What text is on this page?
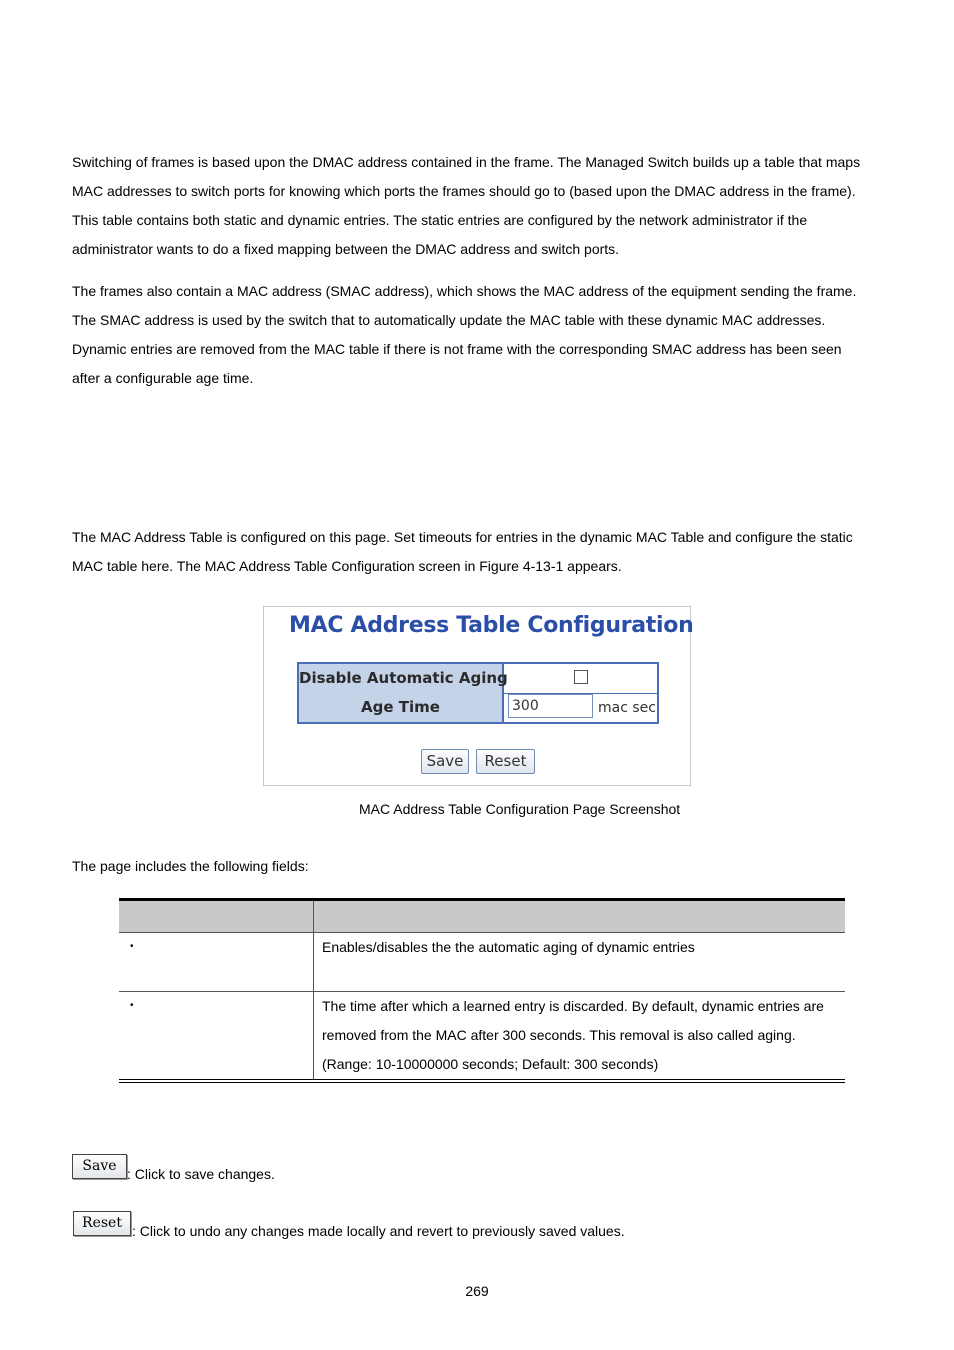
Switching of frames is based upon the DMAC address contained in the frame. The Managed Switch builds up a table that maps
MAC addresses to switch ports for knowing which ports the frames should go to (based upon the DMAC address in the frame).
This table contains both static and dynamic entries. The static entries are configured by the network administrator if the
administrator wants to do a fixed mapping between the DMAC address and switch ports.
The frames also contain a MAC address (SMAC address), which shows the MAC address of the equipment sending the frame.
The SMAC address is used by the switch that to automatically update the MAC table with these dynamic MAC addresses.
Dynamic entries are removed from the MAC table if there is not frame with the corresponding SMAC address has been seen
after a configurable age time.
The MAC Address Table is configured on this page. Set timeouts for entries in the dynamic MAC Table and configure the static
MAC table here. The MAC Address Table Configuration screen in Figure 4-13-1 appears.
MAC Address Table Configuration
Disable Automatic Aging
Age Time	300	mac sec
Save	Reset
MAC Address Table Configuration Page Screenshot
The page includes the following fields:

•	Enables/disables the the automatic aging of dynamic entries

•	The time after which a learned entry is discarded. By default, dynamic entries are
removed from the MAC after 300 seconds. This removal is also called aging.
(Range: 10-10000000 seconds; Default: 300 seconds)
Save : Click to save changes.
Reset : Click to undo any changes made locally and revert to previously saved values.
269
